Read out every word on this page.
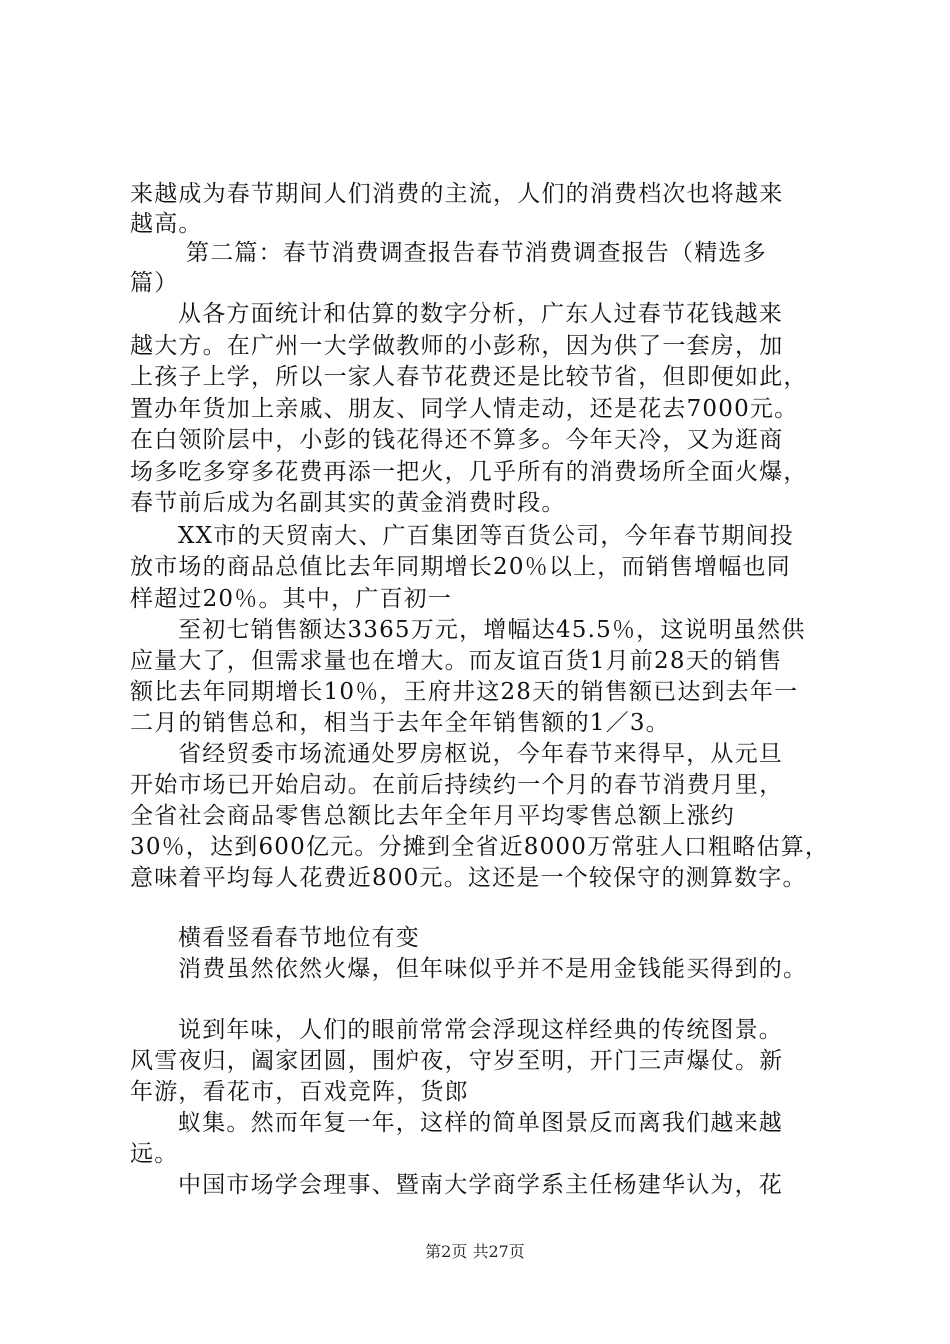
来越成为春节期间人们消费的主流，人们的消费档次也将越来
越高。
第二篇：春节消费调查报告春节消费调查报告（精选多
篇）
从各方面统计和估算的数字分析，广东人过春节花钱越来
越大方。在广州一大学做教师的小彭称，因为供了一套房，加
上孩子上学，所以一家人春节花费还是比较节省，但即便如此，
置办年货加上亲戚、朋友、同学人情走动，还是花去7000元。
在白领阶层中，小彭的钱花得还不算多。今年天冷，又为逛商
场多吃多穿多花费再添一把火，几乎所有的消费场所全面火爆，
春节前后成为名副其实的黄金消费时段。
XX市的天贸南大、广百集团等百货公司，今年春节期间投
放市场的商品总值比去年同期增长20％以上，而销售增幅也同
样超过20％。其中，广百初一
至初七销售额达3365万元，增幅达45.5％，这说明虽然供
应量大了，但需求量也在增大。而友谊百货1月前28天的销售
额比去年同期增长10％，王府井这28天的销售额已达到去年一
二月的销售总和，相当于去年全年销售额的1／3。
省经贸委市场流通处罗房枢说，今年春节来得早，从元旦
开始市场已开始启动。在前后持续约一个月的春节消费月里，
全省社会商品零售总额比去年全年月平均零售总额上涨约
30％，达到600亿元。分摊到全省近8000万常驻人口粗略估算，
意味着平均每人花费近800元。这还是一个较保守的测算数字。
横看竖看春节地位有变
消费虽然依然火爆，但年味似乎并不是用金钱能买得到的。
说到年味，人们的眼前常常会浮现这样经典的传统图景。
风雪夜归，阖家团圆，围炉夜，守岁至明，开门三声爆仗。新
年游，看花市，百戏竞阵，货郎
蚁集。然而年复一年，这样的简单图景反而离我们越来越
远。
中国市场学会理事、暨南大学商学系主任杨建华认为，花
第2页 共27页
